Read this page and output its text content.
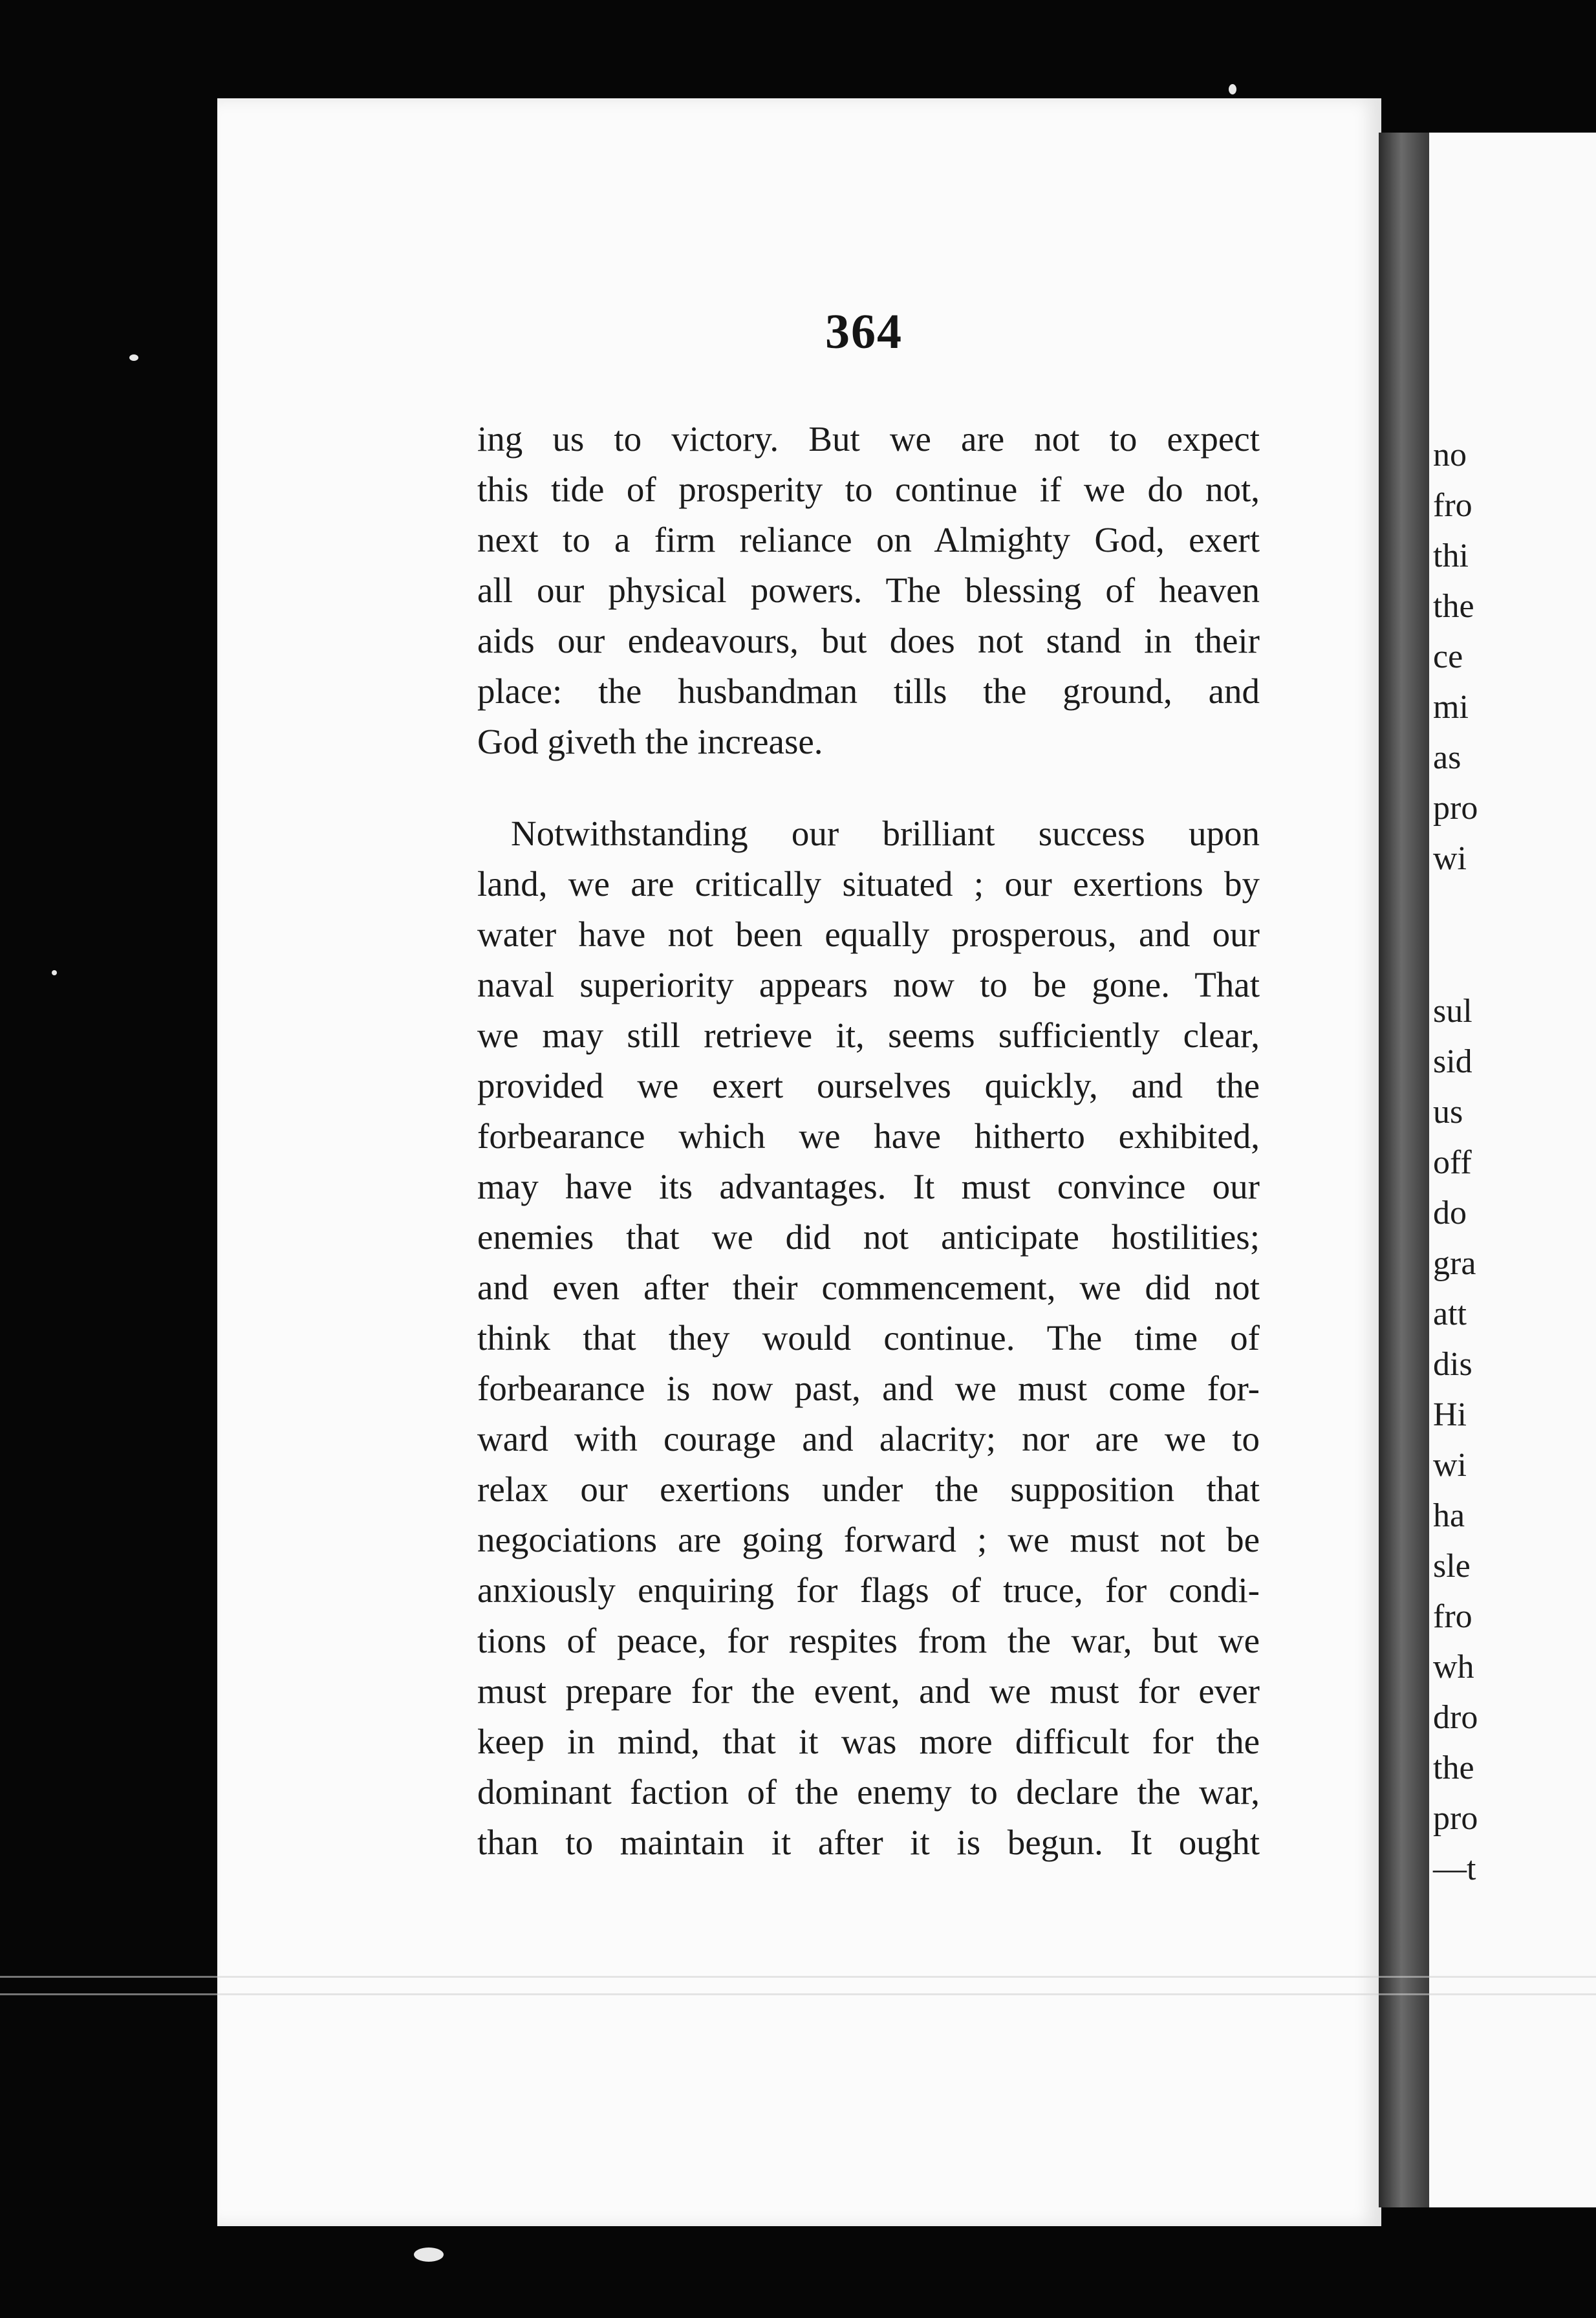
no
fro
thi
the
ce
mi
as
pro
wi
sul
sid
us
off
do
gra
att
dis
Hi
wi
ha
sle
fro
wh
dro
the
pro
—t
364
ing us to victory. But we are not to expect
this tide of prosperity to continue if we do not,
next to a firm reliance on Almighty God, exert
all our physical powers. The blessing of heaven
aids our endeavours, but does not stand in their
place: the husbandman tills the ground, and
God giveth the increase.
Notwithstanding our brilliant success upon
land, we are critically situated ; our exertions by
water have not been equally prosperous, and our
naval superiority appears now to be gone. That
we may still retrieve it, seems sufficiently clear,
provided we exert ourselves quickly, and the
forbearance which we have hitherto exhibited,
may have its advantages. It must convince our
enemies that we did not anticipate hostilities;
and even after their commencement, we did not
think that they would continue. The time of
forbearance is now past, and we must come for-
ward with courage and alacrity; nor are we to
relax our exertions under the supposition that
negociations are going forward ; we must not be
anxiously enquiring for flags of truce, for condi-
tions of peace, for respites from the war, but we
must prepare for the event, and we must for ever
keep in mind, that it was more difficult for the
dominant faction of the enemy to declare the war,
than to maintain it after it is begun. It ought
